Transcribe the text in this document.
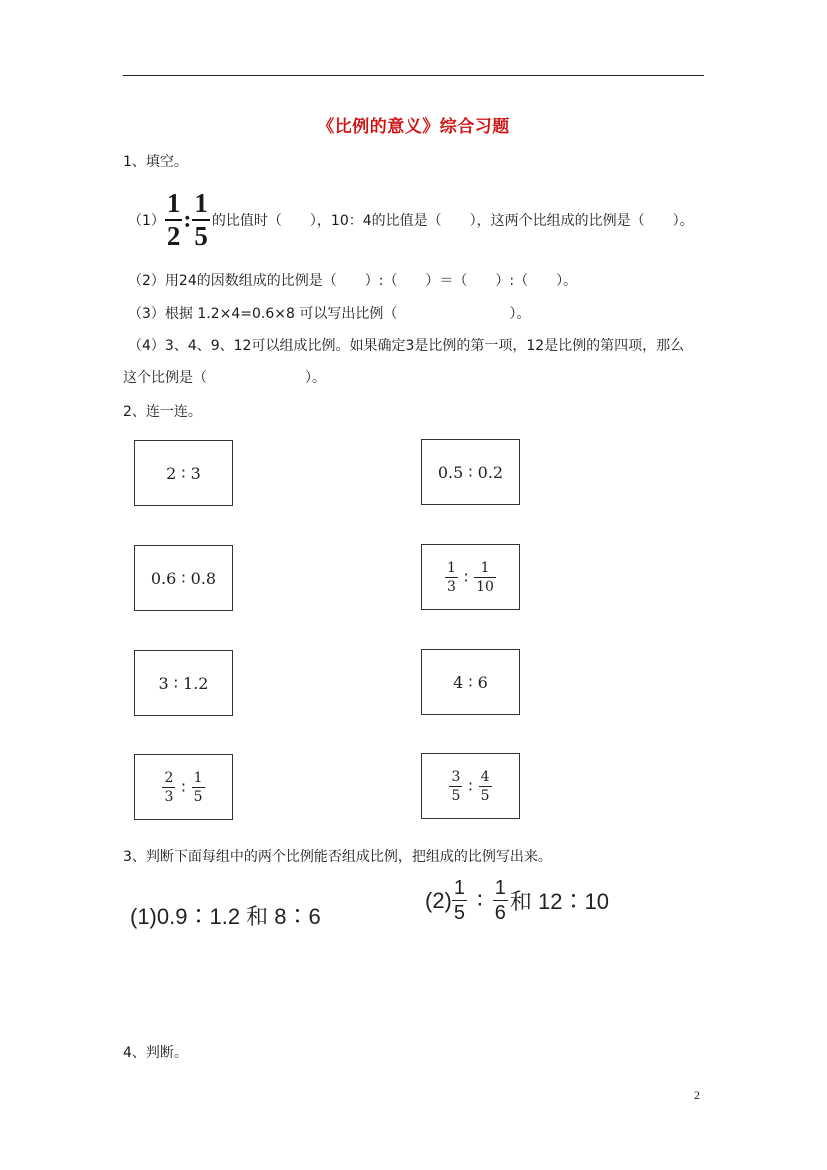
《比例的意义》综合习题
1、填空。
$(1) \frac{1}{2}$ : $\frac{1}{5}$ 的比值时（　　），10：4的比值是（　　），这两个比组成的比例是（　　）。
（2）用24的因数组成的比例是（　　）:（　　）＝（　　）:（　　）。
（3）根据 1.2×4=0.6×8 可以写出比例（　　　　　　　　）。
（4）3、4、9、12可以组成比例。如果确定3是比例的第一项，12是比例的第四项，那么
这个比例是（　　　　　　　）。
2、连一连。
2 ∶ 3
0.6 ∶ 0.8
3 ∶ 1.2
$\frac{2}{3}$ ∶ $\frac{1}{5}$
0.5 ∶ 0.2
$\frac{1}{3}$ ∶ $\frac{1}{10}$
4 ∶ 6
$\frac{3}{5}$ ∶ $\frac{4}{5}$
3、判断下面每组中的两个比例能否组成比例，把组成的比例写出来。
(1)0.9∶1.2 和 8∶6
$(2) \frac{1}{5}$ ∶ $\frac{1}{6}$ 和 12∶10
4、判断。
2
